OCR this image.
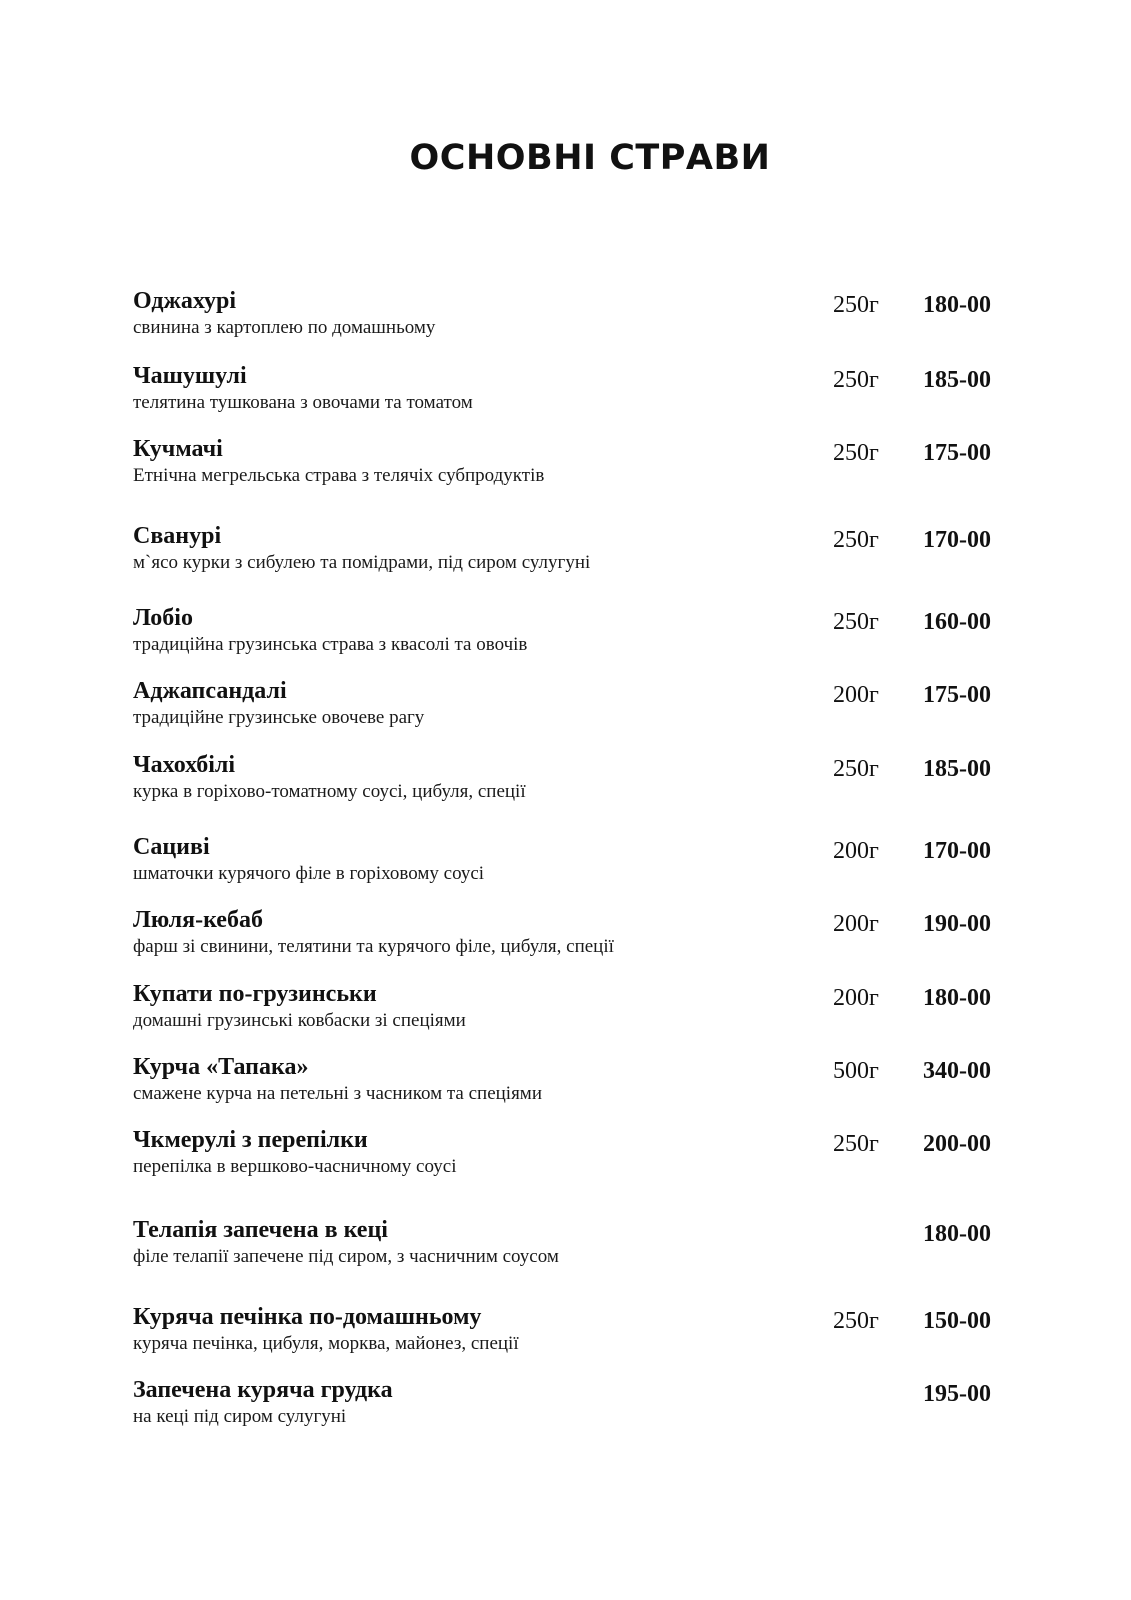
ОСНОВНІ СТРАВИ
Оджахурі
свинина з картоплею по домашньому
250г 180-00
Чашушулі
телятина тушкована з овочами та томатом
250г 185-00
Кучмачі
Етнічна мегрельська страва з телячіх субпродуктів
250г 175-00
Сванурі
м`ясо курки з сибулею та помідрами, під сиром сулугуні
250г 170-00
Лобіо
традиційна грузинська страва з квасолі та овочів
250г 160-00
Аджапсандалі
традиційне грузинське овочеве рагу
200г 175-00
Чахохбілі
курка в горіхово-томатному соусі, цибуля, спеції
250г 185-00
Сациві
шматочки курячого філе в горіховому соусі
200г 170-00
Люля-кебаб
фарш зі свинини, телятини та курячого філе, цибуля, спеції
200г 190-00
Купати по-грузинськи
домашні грузинські ковбаски зі спеціями
200г 180-00
Курча «Тапака»
смажене курча на петельні з часником та спеціями
500г 340-00
Чкмерулі з перепілки
перепілка в вершково-часничному соусі
250г 200-00
Телапія запечена в кеці
філе телапії запечене під сиром, з часничним соусом
180-00
Куряча печінка по-домашньому
куряча печінка, цибуля, морква, майонез, спеції
250г 150-00
Запечена куряча грудка
на кеці під сиром сулугуні
195-00
